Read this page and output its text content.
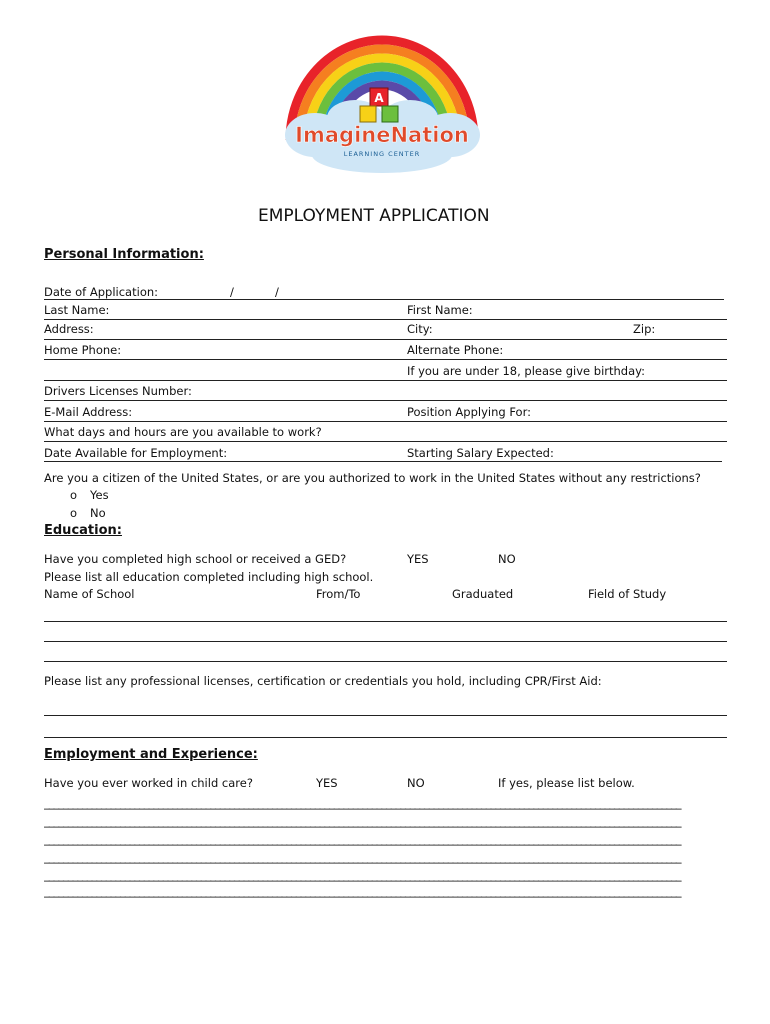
A
ImagineNation
LEARNING CENTER
EMPLOYMENT APPLICATION
Personal Information:
Date of Application:	/	/
Last Name:	First Name:
Address:	City:	Zip:
Home Phone:	Alternate Phone:
If you are under 18, please give birthday:
Drivers Licenses Number:
E-Mail Address:	Position Applying For:
What days and hours are you available to work?
Date Available for Employment:	Starting Salary Expected:
Are you a citizen of the United States, or are you authorized to work in the United States without any restrictions?
o Yes
o No
Education:
Have you completed high school or received a GED?	YES	NO
Please list all education completed including high school.
Name of School	From/To	Graduated	Field of Study
Please list any professional licenses, certification or credentials you hold, including CPR/First Aid:
Employment and Experience:
Have you ever worked in child care?	YES	NO	If yes, please list below.
______________________________________________________________________________________________________________________________________
______________________________________________________________________________________________________________________________________
______________________________________________________________________________________________________________________________________
______________________________________________________________________________________________________________________________________
______________________________________________________________________________________________________________________________________
______________________________________________________________________________________________________________________________________
